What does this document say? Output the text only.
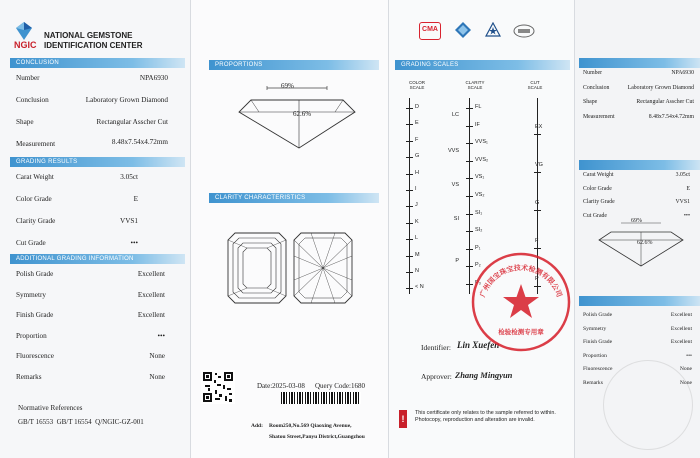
NGIC
NATIONAL GEMSTONE
IDENTIFICATION CENTER
CONCLUSION
Number	NPA6930
Conclusion	Laboratory Grown Diamond
Shape	Rectangular Asscher Cut
Measurement	8.48x7.54x4.72mm
GRADING RESULTS
Carat Weight	3.05ct
Color Grade	E
Clarity Grade	VVS1
Cut Grade	•••
ADDITIONAL GRADING INFORMATION
Polish Grade	Excellent
Symmetry	Excellent
Finish Grade	Excellent
Proportion	•••
Fluorescence	None
Remarks	None
Normative References
GB/T 16553  GB/T 16554  Q/NGIC-GZ-001
PROPORTIONS
69%
62.6%
CLARITY CHARACTERISTICS
Date:2025-03-08 Query Code:1680
Add: Room250,No.569 Qiaoxing Avenue,
Shatou Street,Panyu District,Guangzhou
CMA
GRADING SCALES
COLOR SCALE
CLARITY SCALE
CUT SCALE
D
E
F
G
H
I
J
K
L
M
N
< N
FL
IF
VVS₁
VVS₂
VS₁
VS₂
SI₁
SI₂
P₁
P₂
P₃
LC
VVS
VS
SI
P
EX
VG
G
F
P
Identifier: Lin Xuefen
Approver: Zhang Mingyun
广州国宝珠宝技术检测有限公司
检验检测专用章
!
This certificate only relates to the sample referred to within. Photocopy, reproduction and alteration are invalid.
Number	NPA6930
Conclusion	Laboratory Grown Diamond
Shape	Rectangular Asscher Cut
Measurement	8.48x7.54x4.72mm
Carat Weight	3.05ct
Color Grade	E
Clarity Grade	VVS1
Cut Grade	•••
69%
62.6%
Polish Grade	Excellent
Symmetry	Excellent
Finish Grade	Excellent
Proportion	•••
Fluorescence	None
Remarks	None
